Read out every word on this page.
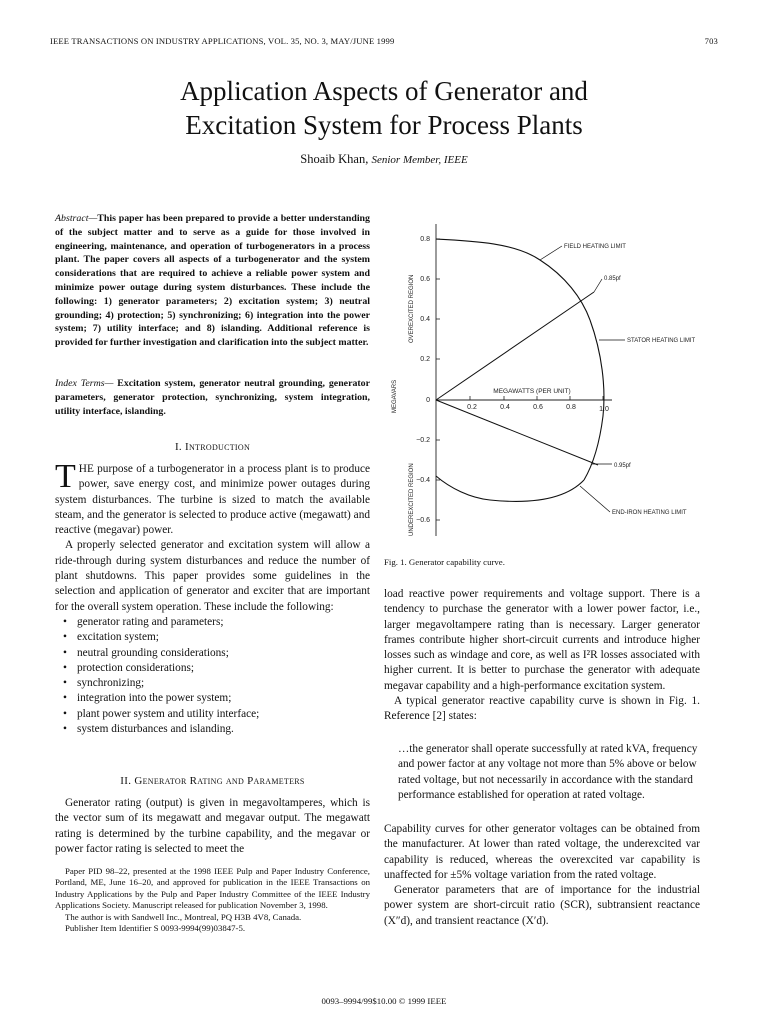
IEEE TRANSACTIONS ON INDUSTRY APPLICATIONS, VOL. 35, NO. 3, MAY/JUNE 1999	703
Application Aspects of Generator and
Excitation System for Process Plants
Shoaib Khan, Senior Member, IEEE
Abstract—This paper has been prepared to provide a better understanding of the subject matter and to serve as a guide for those involved in engineering, maintenance, and operation of turbogenerators in a process plant. The paper covers all aspects of a turbogenerator and the system considerations that are required to achieve a reliable power system and minimize power outage during system disturbances. These include the following: 1) generator parameters; 2) excitation system; 3) neutral grounding; 4) protection; 5) synchronizing; 6) integration into the power system; 7) utility interface; and 8) islanding. Additional reference is provided for further investigation and clarification into the subject matter.
Index Terms— Excitation system, generator neutral grounding, generator parameters, generator protection, synchronizing, system integration, utility interface, islanding.
I. Introduction

THE purpose of a turbogenerator in a process plant is to produce power, save energy cost, and minimize power outages during system disturbances. The turbine is sized to match the available steam, and the generator is selected to produce active (megawatt) and reactive (megavar) power.

A properly selected generator and excitation system will allow a ride-through during system disturbances and reduce the number of plant shutdowns. This paper provides some guidelines in the selection and application of generator and exciter that are important for the overall system operation. These include the following:

• generator rating and parameters;
• excitation system;
• neutral grounding considerations;
• protection considerations;
• synchronizing;
• integration into the power system;
• plant power system and utility interface;
• system disturbances and islanding.
II. Generator Rating and Parameters

Generator rating (output) is given in megavoltamperes, which is the vector sum of its megawatt and megavar output. The megawatt rating is determined by the turbine capability, and the megavar or power factor rating is selected to meet the

Paper PID 98–22, presented at the 1998 IEEE Pulp and Paper Industry Conference, Portland, ME, June 16–20, and approved for publication in the IEEE Transactions on Industry Applications by the Pulp and Paper Industry Committee of the IEEE Industry Applications Society. Manuscript released for publication November 3, 1998.

The author is with Sandwell Inc., Montreal, PQ H3B 4V8, Canada.

Publisher Item Identifier S 0093-9994(99)03847-5.

0.8
0.6
0.4
0.2
0
−0.2
−0.4
−0.6
0.2	0.4	0.6	0.8	1.0
MEGAWATTS (PER UNIT)
MEGAVARS
OVEREXCITED REGION
UNDEREXCITED REGION
FIELD HEATING LIMIT
0.85pf
STATOR HEATING LIMIT
0.95pf
END-IRON HEATING LIMIT
Fig. 1. Generator capability curve.

load reactive power requirements and voltage support. There is a tendency to purchase the generator with a lower power factor, i.e., larger megavoltampere rating than is necessary. Larger generator frames contribute higher short-circuit currents and introduce higher losses such as windage and core, as well as I²R losses associated with higher current. It is better to purchase the generator with adequate megavar capability and a high-performance excitation system.

A typical generator reactive capability curve is shown in Fig. 1. Reference [2] states:

…the generator shall operate successfully at rated kVA, frequency and power factor at any voltage not more than 5% above or below rated voltage, but not necessarily in accordance with the standard performance established for operation at rated voltage.

Capability curves for other generator voltages can be obtained from the manufacturer. At lower than rated voltage, the underexcited var capability is reduced, whereas the overexcited var capability is unaffected for ±5% voltage variation from the rated voltage.

Generator parameters that are of importance for the industrial power system are short-circuit ratio (SCR), subtransient reactance (X″d), and transient reactance (X′d).

0093–9994/99$10.00 © 1999 IEEE
